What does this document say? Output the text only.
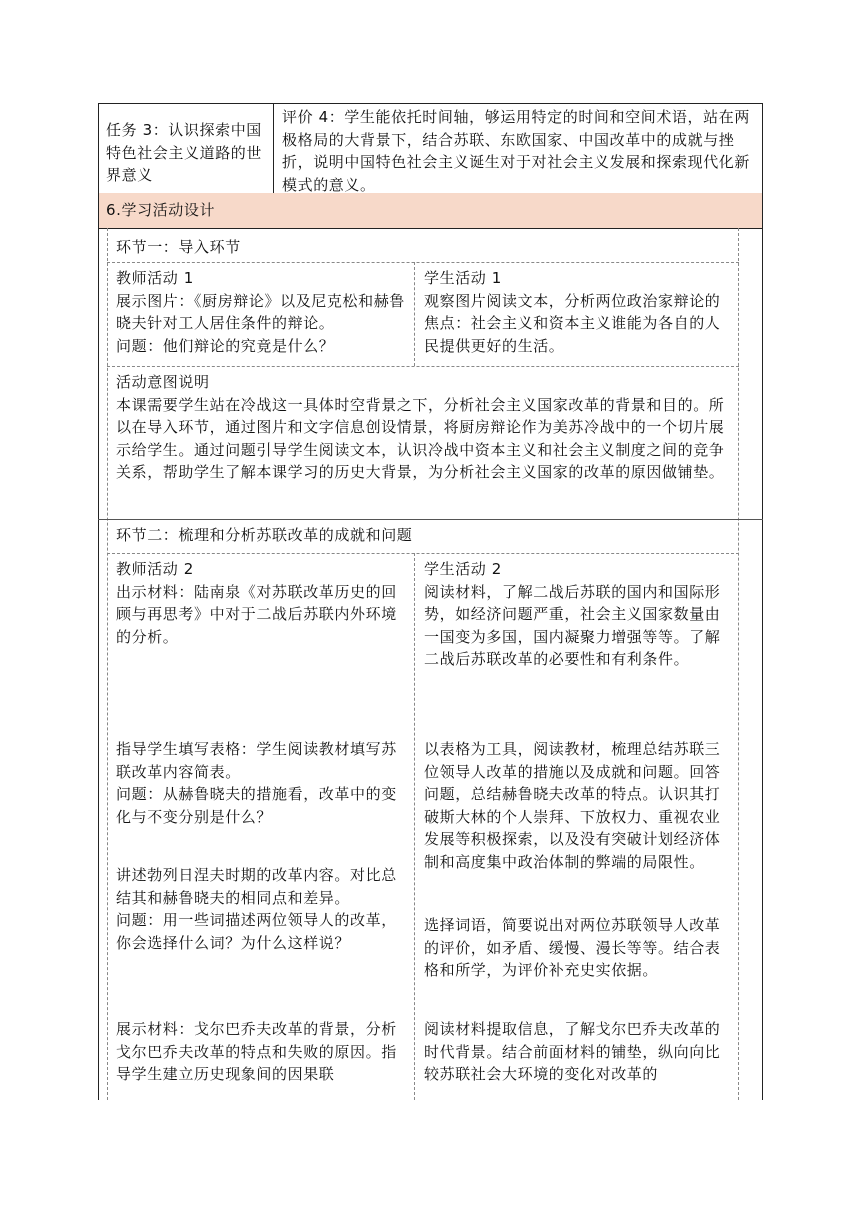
任务 3：认识探索中国特色社会主义道路的世界意义

评价 4：学生能依托时间轴，够运用特定的时间和空间术语，站在两极格局的大背景下，结合苏联、东欧国家、中国改革中的成就与挫折，说明中国特色社会主义诞生对于对社会主义发展和探索现代化新模式的意义。

6.学习活动设计
环节一：导入环节

教师活动 1

展示图片：《厨房辩论》以及尼克松和赫鲁晓夫针对工人居住条件的辩论。
问题：他们辩论的究竟是什么？

学生活动 1

观察图片阅读文本，分析两位政治家辩论的焦点：社会主义和资本主义谁能为各自的人民提供更好的生活。

活动意图说明

本课需要学生站在冷战这一具体时空背景之下，分析社会主义国家改革的背景和目的。所以在导入环节，通过图片和文字信息创设情景，将厨房辩论作为美苏冷战中的一个切片展示给学生。通过问题引导学生阅读文本，认识冷战中资本主义和社会主义制度之间的竞争关系，帮助学生了解本课学习的历史大背景，为分析社会主义国家的改革的原因做铺垫。

环节二：梳理和分析苏联改革的成就和问题

教师活动 2

出示材料：陆南泉《对苏联改革历史的回顾与再思考》中对于二战后苏联内外环境的分析。

学生活动 2

阅读材料，了解二战后苏联的国内和国际形势，如经济问题严重，社会主义国家数量由一国变为多国，国内凝聚力增强等等。了解二战后苏联改革的必要性和有利条件。

指导学生填写表格：学生阅读教材填写苏联改革内容简表。
问题：从赫鲁晓夫的措施看，改革中的变化与不变分别是什么？

以表格为工具，阅读教材，梳理总结苏联三位领导人改革的措施以及成就和问题。回答问题，总结赫鲁晓夫改革的特点。认识其打破斯大林的个人崇拜、下放权力、重视农业发展等积极探索，以及没有突破计划经济体制和高度集中政治体制的弊端的局限性。

讲述勃列日涅夫时期的改革内容。对比总结其和赫鲁晓夫的相同点和差异。
问题：用一些词描述两位领导人的改革，你会选择什么词？为什么这样说？

选择词语，简要说出对两位苏联领导人改革的评价，如矛盾、缓慢、漫长等等。结合表格和所学，为评价补充史实依据。

展示材料：戈尔巴乔夫改革的背景，分析戈尔巴乔夫改革的特点和失败的原因。指导学生建立历史现象间的因果联

阅读材料提取信息，了解戈尔巴乔夫改革的时代背景。结合前面材料的铺垫，纵向向比较苏联社会大环境的变化对改革的
